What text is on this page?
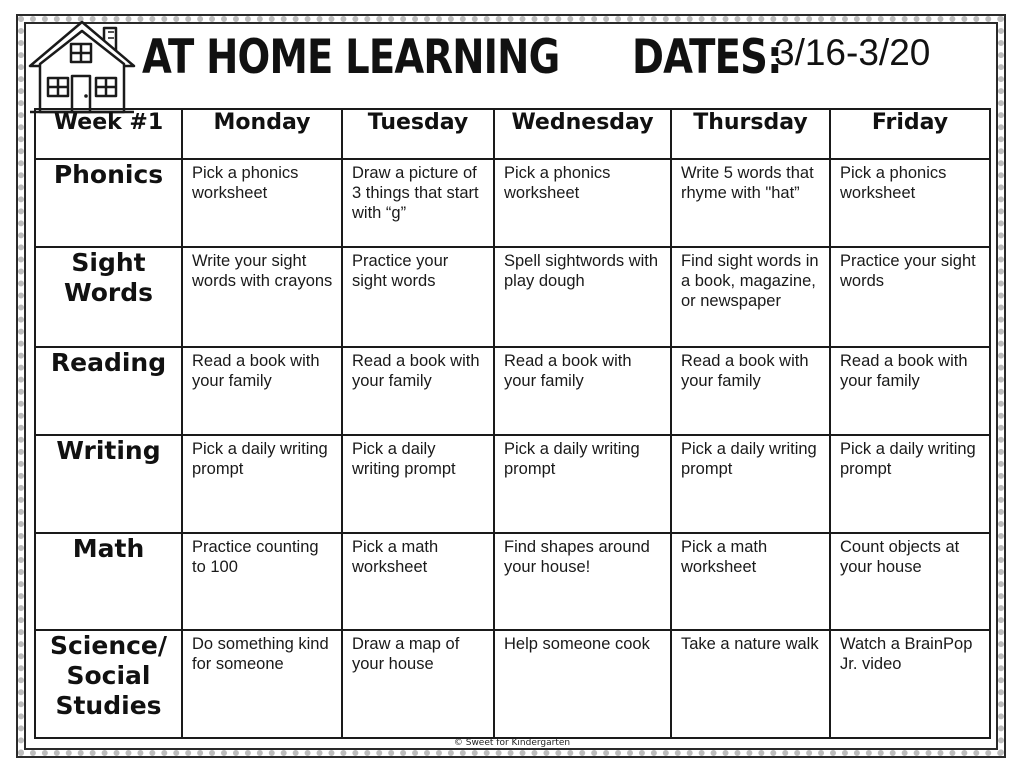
AT HOME LEARNING DATES:
3/16-3/20
Week #1	Monday	Tuesday	Wednesday	Thursday	Friday
Phonics	Pick a phonics worksheet	Draw a picture of 3 things that start with “g”	Pick a phonics worksheet	Write 5 words that rhyme with "hat”	Pick a phonics worksheet
Sight Words	Write your sight words with crayons	Practice your sight words	Spell sightwords with play dough	Find sight words in a book, magazine, or newspaper	Practice your sight words
Reading	Read a book with your family	Read a book with your family	Read a book with your family	Read a book with your family	Read a book with your family
Writing	Pick a daily writing prompt	Pick a daily writing prompt	Pick a daily writing prompt	Pick a daily writing prompt	Pick a daily writing prompt
Math	Practice counting to 100	Pick a math worksheet	Find shapes around your house!	Pick a math worksheet	Count objects at your house
Science/ Social Studies	Do something kind for someone	Draw a map of your house	Help someone cook	Take a nature walk	Watch a BrainPop Jr. video
© Sweet for Kindergarten
